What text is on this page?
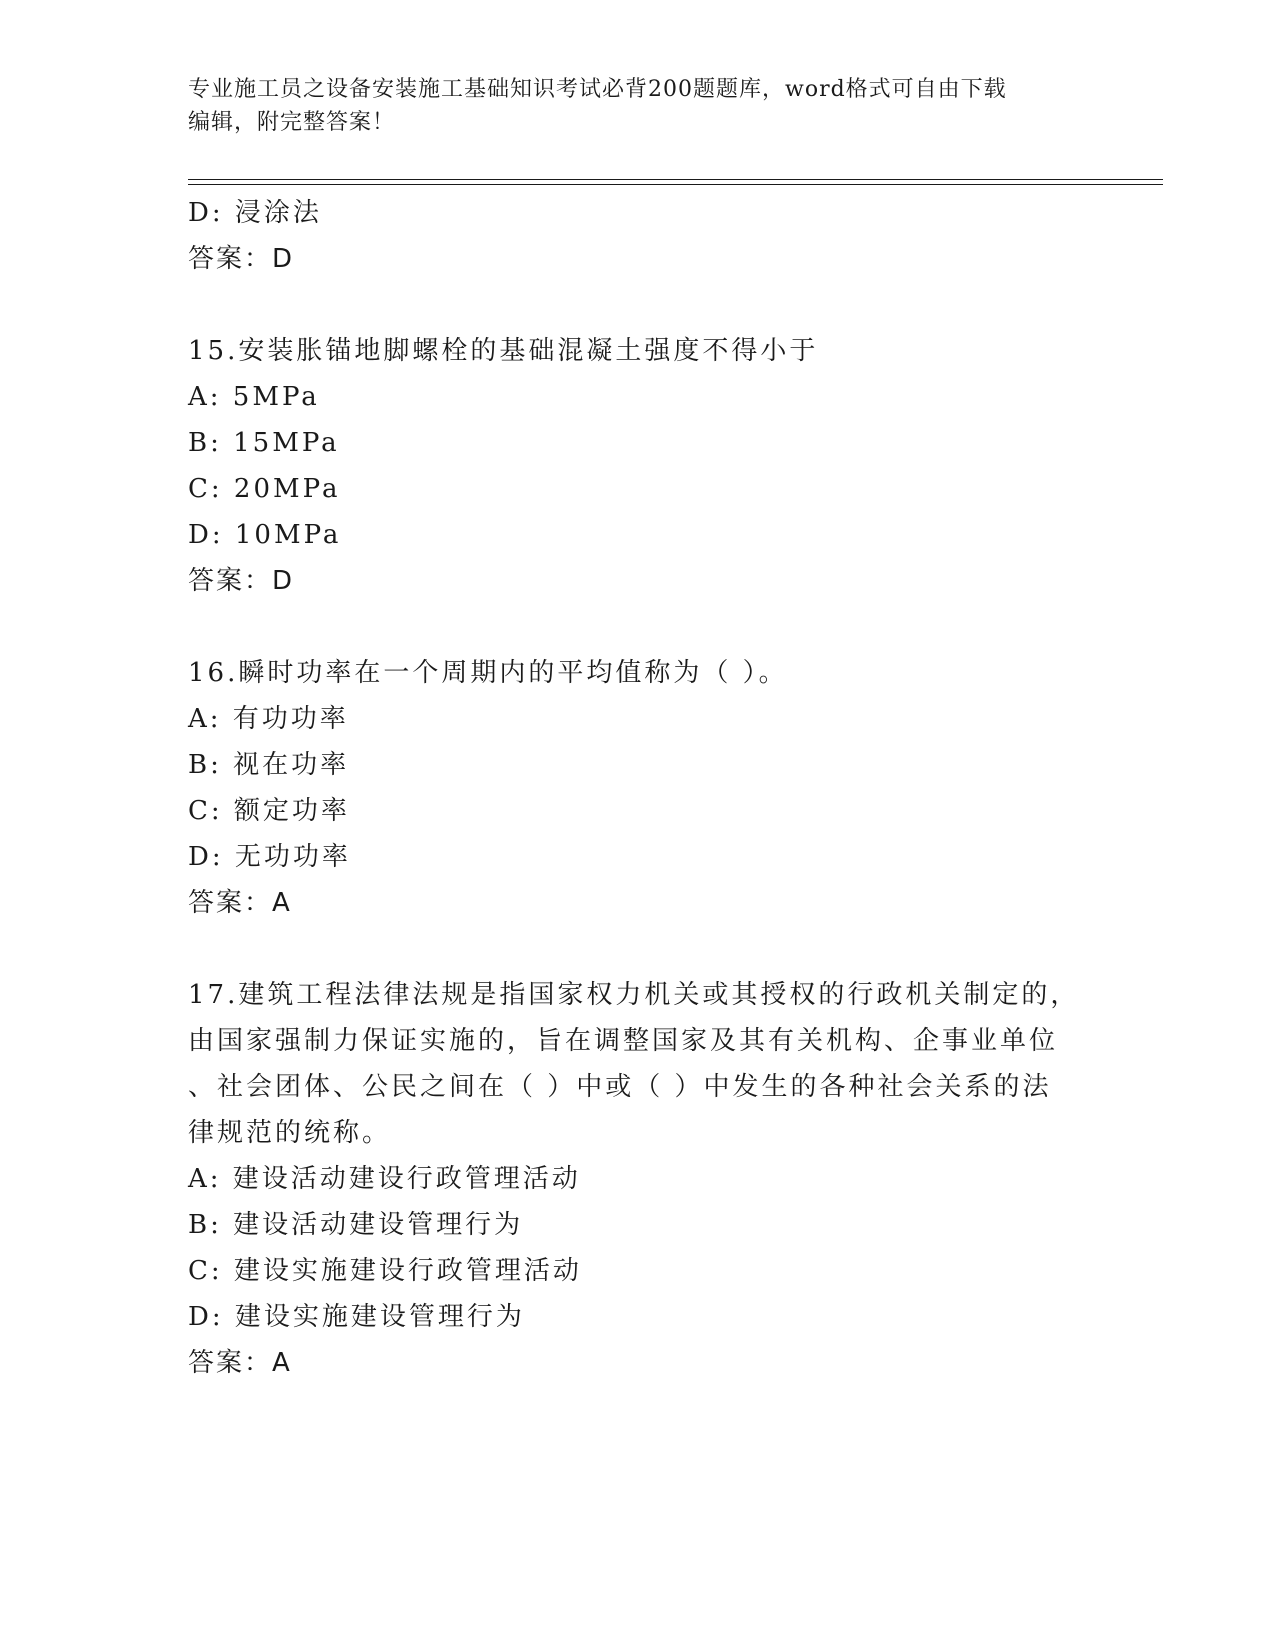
专业施工员之设备安装施工基础知识考试必背200题题库，word格式可自由下载
编辑，附完整答案！
D: 浸涂法
答案：D
15.安装胀锚地脚螺栓的基础混凝土强度不得小于
A: 5MPa
B: 15MPa
C: 20MPa
D: 10MPa
答案：D
16.瞬时功率在一个周期内的平均值称为（ ）。
A: 有功功率
B: 视在功率
C: 额定功率
D: 无功功率
答案：A
17.建筑工程法律法规是指国家权力机关或其授权的行政机关制定的，
由国家强制力保证实施的，旨在调整国家及其有关机构、企事业单位
、社会团体、公民之间在（ ）中或（ ）中发生的各种社会关系的法
律规范的统称。
A: 建设活动建设行政管理活动
B: 建设活动建设管理行为
C: 建设实施建设行政管理活动
D: 建设实施建设管理行为
答案：A
